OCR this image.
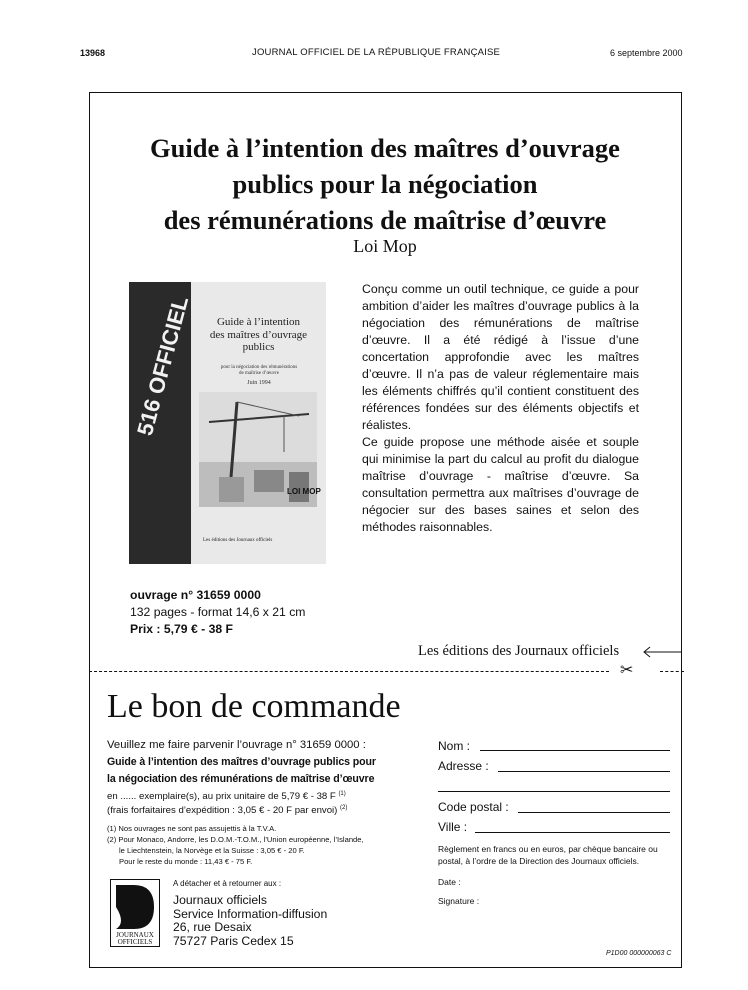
13968	JOURNAL OFFICIEL DE LA RÉPUBLIQUE FRANÇAISE	6 septembre 2000
Guide à l’intention des maîtres d’ouvrage
publics pour la négociation
des rémunérations de maîtrise d’œuvre
Loi Mop
516 OFFICIEL	Guide à l’intention
des maîtres d’ouvrage
publics
pour la négociation des rémunérations
de maîtrise d’œuvre
Juin 1994
LOI MOP
Les éditions des Journaux officiels

Conçu comme un outil technique, ce guide a pour ambition d’aider les maîtres d’ouvrage publics à la négociation des rémunérations de maîtrise d’œuvre. Il a été rédigé à l’issue d’une concertation approfondie avec les maîtres d’œuvre. Il n’a pas de valeur réglementaire mais les éléments chiffrés qu’il contient constituent des références fondées sur des éléments objectifs et réalistes.

Ce guide propose une méthode aisée et souple qui minimise la part du calcul au profit du dialogue maîtrise d’ouvrage - maîtrise d’œuvre. Sa consultation permettra aux maîtrises d’ouvrage de négocier sur des bases saines et selon des méthodes raisonnables.

ouvrage n° 31659 0000
132 pages - format 14,6 x 21 cm
Prix : 5,79 € - 38 F
Les éditions des Journaux officiels
✂
Le bon de commande
Veuillez me faire parvenir l’ouvrage n° 31659 0000 :
Guide à l’intention des maîtres d’ouvrage publics pour
la négociation des rémunérations de maîtrise d’œuvre
en ...... exemplaire(s), au prix unitaire de 5,79 € - 38 F $^{(1)}$
(frais forfaitaires d’expédition : 3,05 € - 20 F par envoi) $^{(2)}$
(1) Nos ouvrages ne sont pas assujettis à la T.V.A.
(2) Pour Monaco, Andorre, les D.O.M.-T.O.M., l’Union européenne, l’Islande,
le Liechtenstein, la Norvège et la Suisse : 3,05 € - 20 F.
Pour le reste du monde : 11,43 € - 75 F.
Nom :
Adresse :
Code postal :
Ville :
Règlement en francs ou en euros, par chèque bancaire ou postal, à l’ordre de la Direction des Journaux officiels.
Date :
Signature :
JOURNAUX
OFFICIELS
A détacher et à retourner aux :
Journaux officiels
Service Information-diffusion
26, rue Desaix
75727 Paris Cedex 15
P1D00 000000063 C
